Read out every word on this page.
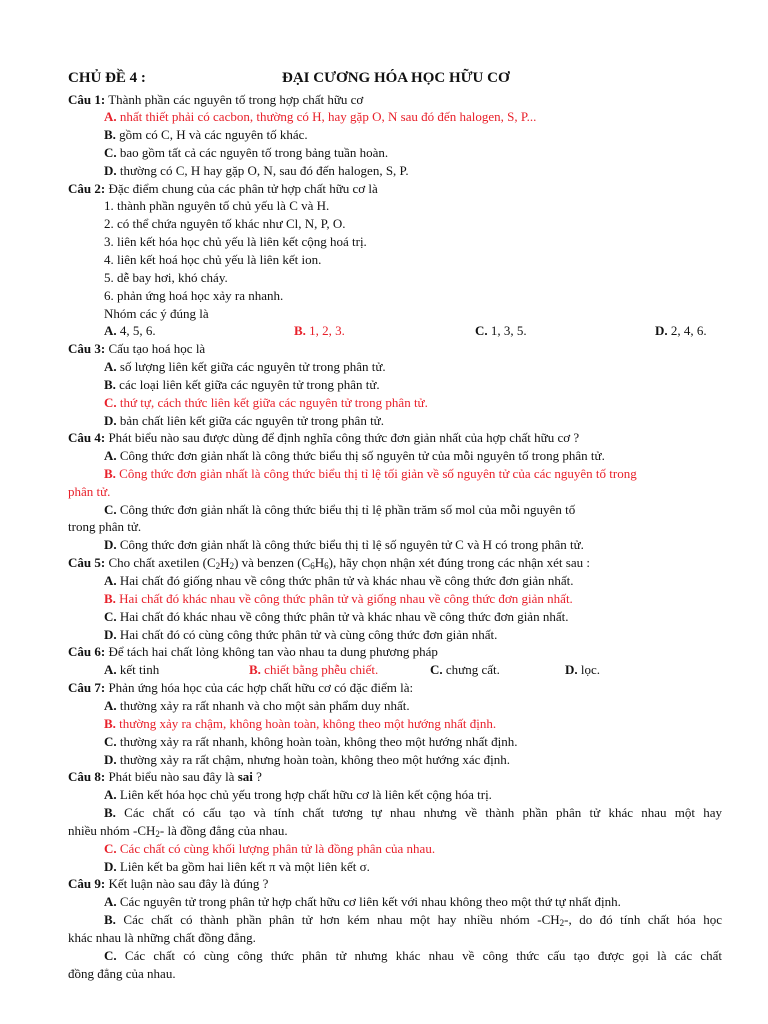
CHỦ ĐỀ 4 :	ĐẠI CƯƠNG HÓA HỌC HỮU CƠ
Câu 1: Thành phần các nguyên tố trong hợp chất hữu cơ
A. nhất thiết phải có cacbon, thường có H, hay gặp O, N sau đó đến halogen, S, P...
B. gồm có C, H và các nguyên tố khác.
C. bao gồm tất cả các nguyên tố trong bảng tuần hoàn.
D. thường có C, H hay gặp O, N, sau đó đến halogen, S, P.
Câu 2: Đặc điểm chung của các phân tử hợp chất hữu cơ là
1. thành phần nguyên tố chủ yếu là C và H.
2. có thể chứa nguyên tố khác như Cl, N, P, O.
3. liên kết hóa học chủ yếu là liên kết cộng hoá trị.
4. liên kết hoá học chủ yếu là liên kết ion.
5. dễ bay hơi, khó cháy.
6. phản ứng hoá học xảy ra nhanh.
Nhóm các ý đúng là
A. 4, 5, 6.	B. 1, 2, 3.	C. 1, 3, 5.	D. 2, 4, 6.
Câu 3: Cấu tạo hoá học là
A. số lượng liên kết giữa các nguyên tử trong phân tử.
B. các loại liên kết giữa các nguyên tử trong phân tử.
C. thứ tự, cách thức liên kết giữa các nguyên tử trong phân tử.
D. bản chất liên kết giữa các nguyên tử trong phân tử.
Câu 4: Phát biểu nào sau được dùng để định nghĩa công thức đơn giản nhất của hợp chất hữu cơ ?
A. Công thức đơn giản nhất là công thức biểu thị số nguyên tử của mỗi nguyên tố trong phân tử.
B. Công thức đơn giản nhất là công thức biểu thị tỉ lệ tối giản về số nguyên tử của các nguyên tố trong
phân tử.
C. Công thức đơn giản nhất là công thức biểu thị tỉ lệ phần trăm số mol của mỗi nguyên tố
trong phân tử.
D. Công thức đơn giản nhất là công thức biểu thị tỉ lệ số nguyên tử C và H có trong phân tử.
Câu 5: Cho chất axetilen $(C_2H_2)$ và benzen $(C_6H_6)$, hãy chọn nhận xét đúng trong các nhận xét sau :
A. Hai chất đó giống nhau về công thức phân tử và khác nhau về công thức đơn giản nhất.
B. Hai chất đó khác nhau về công thức phân tử và giống nhau về công thức đơn giản nhất.
C. Hai chất đó khác nhau về công thức phân tử và khác nhau về công thức đơn giản nhất.
D. Hai chất đó có cùng công thức phân tử và cùng công thức đơn giản nhất.
Câu 6: Để tách hai chất lỏng không tan vào nhau ta dung phương pháp
A. kết tinh	B. chiết bằng phễu chiết.	C. chưng cất.	D. lọc.
Câu 7: Phản ứng hóa học của các hợp chất hữu cơ có đặc điểm là:
A. thường xảy ra rất nhanh và cho một sản phẩm duy nhất.
B. thường xảy ra chậm, không hoàn toàn, không theo một hướng nhất định.
C. thường xảy ra rất nhanh, không hoàn toàn, không theo một hướng nhất định.
D. thường xảy ra rất chậm, nhưng hoàn toàn, không theo một hướng xác định.
Câu 8: Phát biểu nào sau đây là sai ?
A. Liên kết hóa học chủ yếu trong hợp chất hữu cơ là liên kết cộng hóa trị.
B. Các chất có cấu tạo và tính chất tương tự nhau nhưng về thành phần phân tử khác nhau một hay
nhiều nhóm $-CH_2-$ là đồng đẳng của nhau.
C. Các chất có cùng khối lượng phân tử là đồng phân của nhau.
D. Liên kết ba gồm hai liên kết π và một liên kết σ.
Câu 9: Kết luận nào sau đây là đúng ?
A. Các nguyên tử trong phân tử hợp chất hữu cơ liên kết với nhau không theo một thứ tự nhất định.
B. Các chất có thành phần phân tử hơn kém nhau một hay nhiều nhóm $-CH_2-$, do đó tính chất hóa học
khác nhau là những chất đồng đẳng.
C. Các chất có cùng công thức phân tử nhưng khác nhau về công thức cấu tạo được gọi là các chất
đồng đẳng của nhau.
